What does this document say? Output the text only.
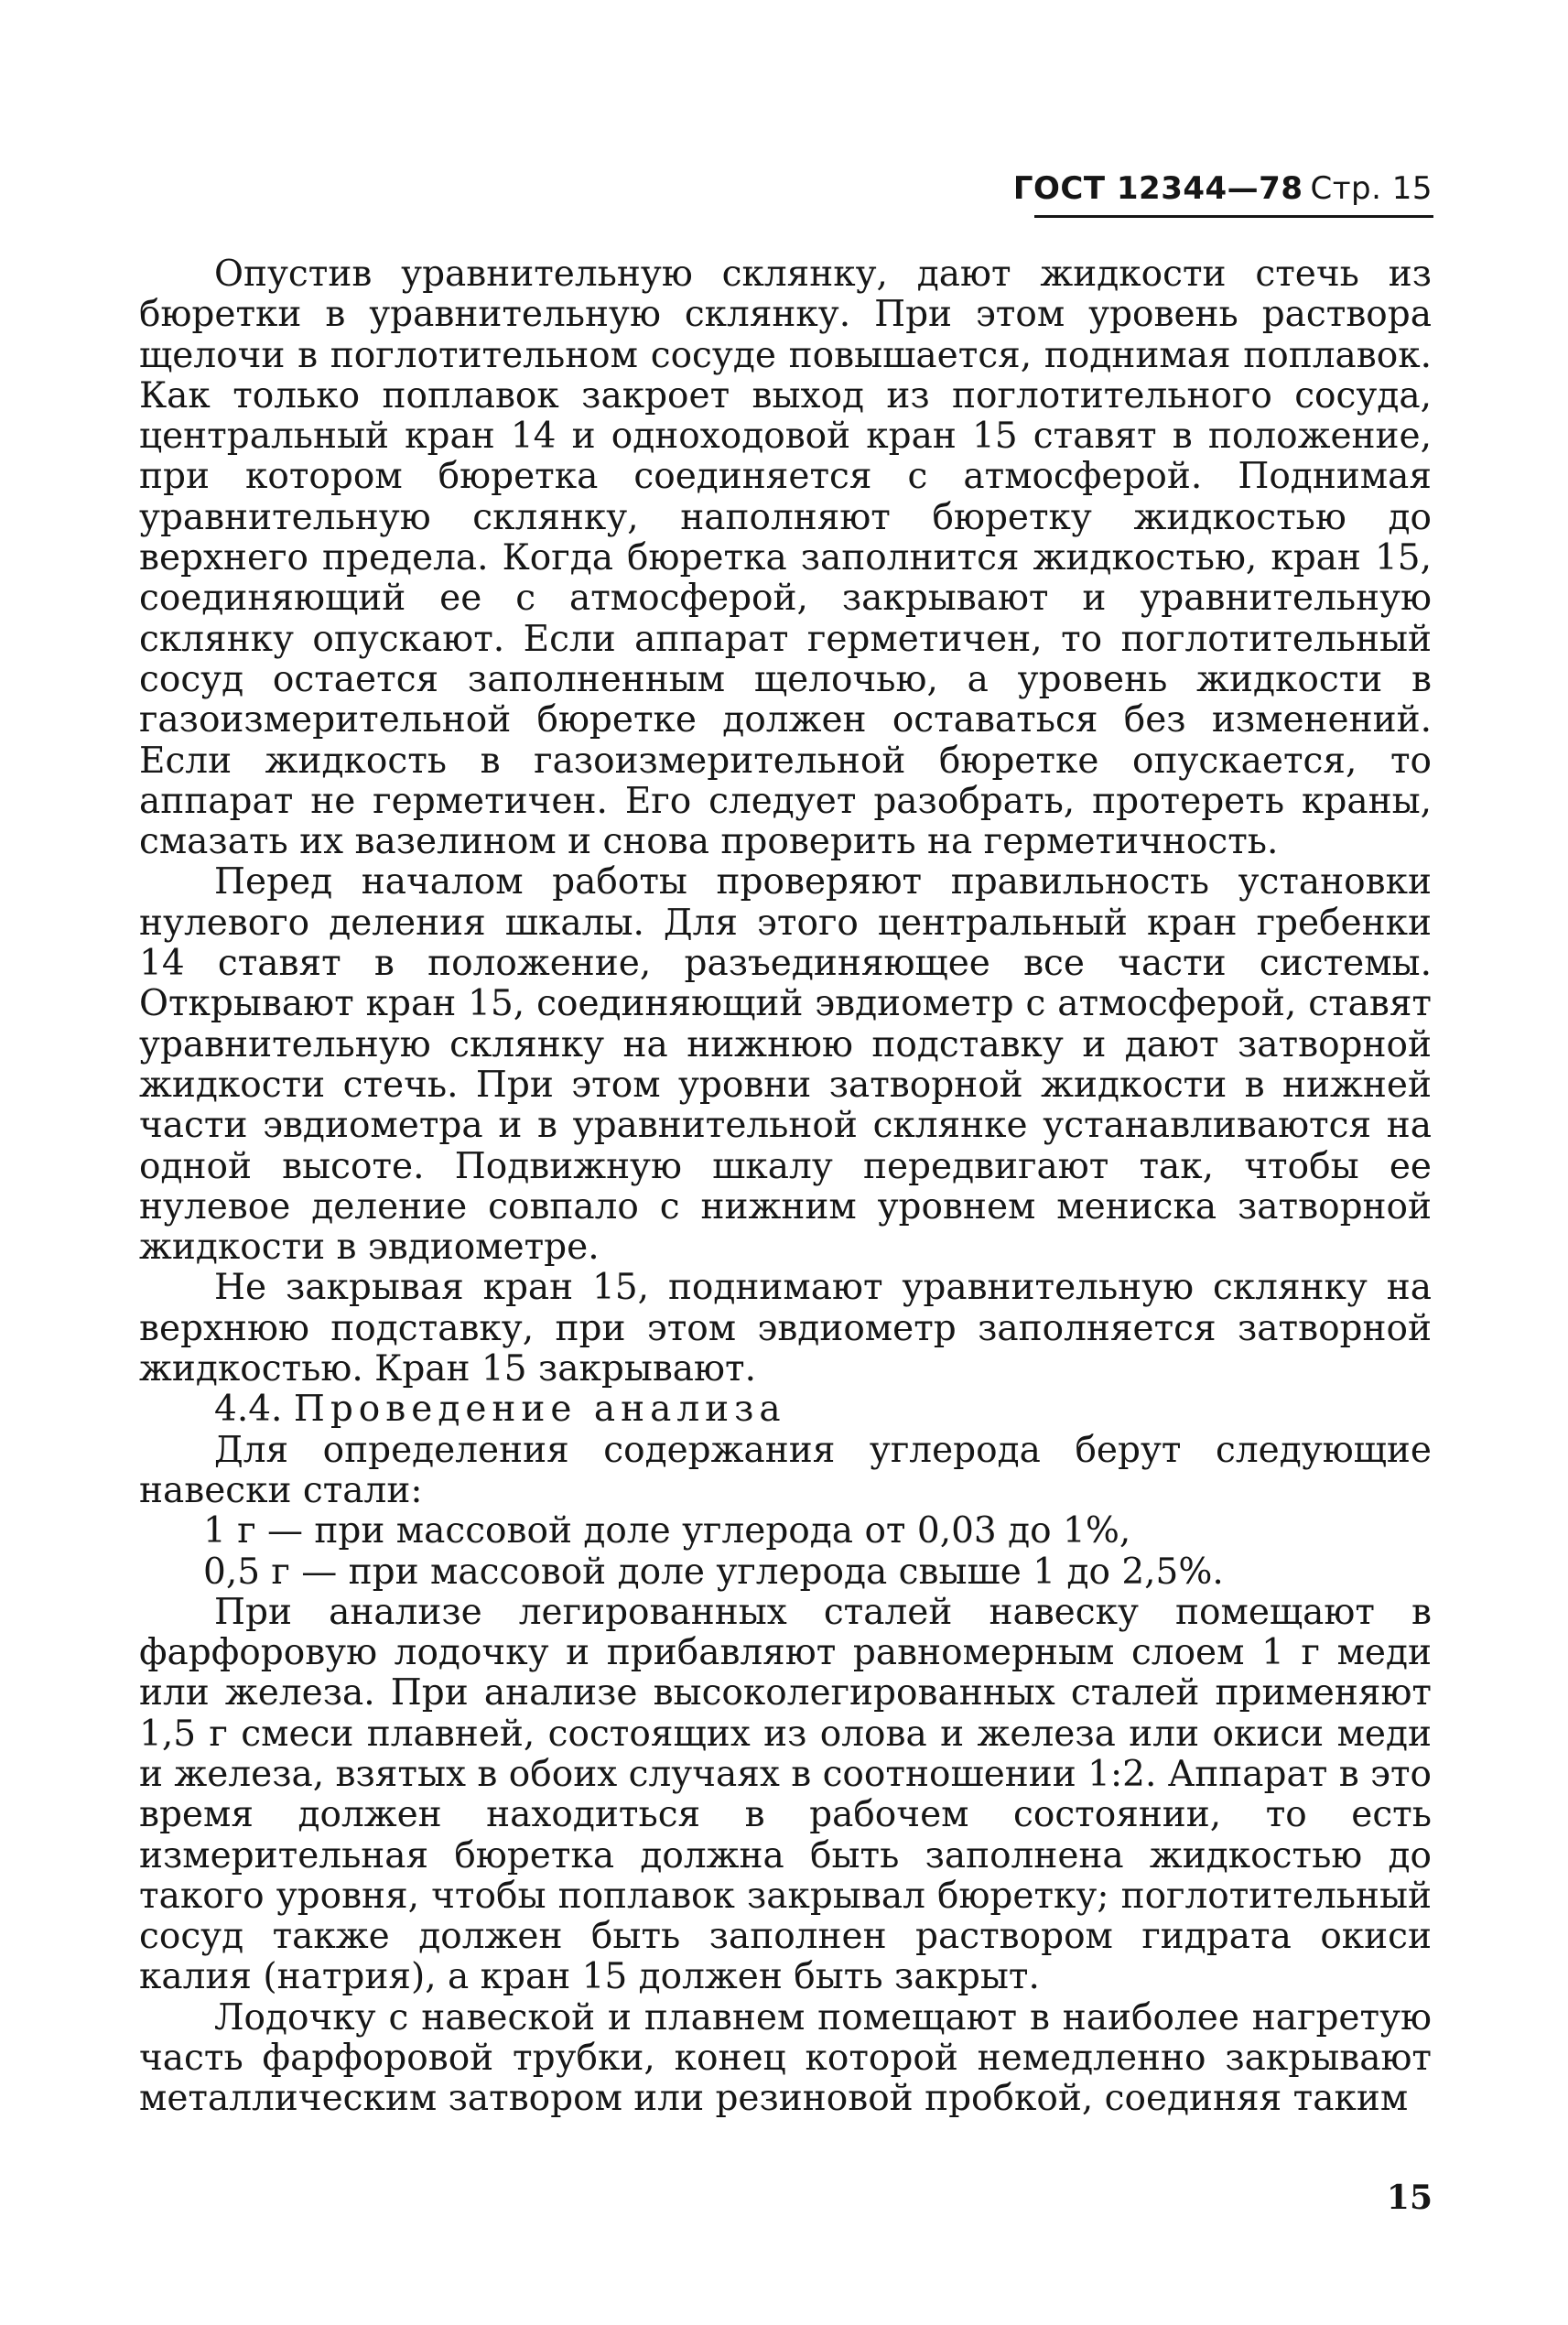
ГОСТ 12344—78 Стр. 15

Опустив уравнительную склянку, дают жидкости стечь из бюретки в уравнительную склянку. При этом уровень раствора щелочи в поглотительном сосуде повышается, поднимая поплавок. Как только поплавок закроет выход из поглотительного сосуда, центральный кран 14 и одноходовой кран 15 ставят в положение, при котором бюретка соединяется с атмосферой. Поднимая уравнительную склянку, наполняют бюретку жидкостью до верхнего предела. Когда бюретка заполнится жидкостью, кран 15, соединяющий ее с атмосферой, закрывают и уравнительную склянку опускают. Если аппарат герметичен, то поглотительный сосуд остается заполненным щелочью, а уровень жидкости в газоизмерительной бюретке должен оставаться без изменений. Если жидкость в газоизмерительной бюретке опускается, то аппарат не герметичен. Его следует разобрать, протереть краны, смазать их вазелином и снова проверить на герметичность.

Перед началом работы проверяют правильность установки нулевого деления шкалы. Для этого центральный кран гребенки 14 ставят в положение, разъединяющее все части системы. Открывают кран 15, соединяющий эвдиометр с атмосферой, ставят уравнительную склянку на нижнюю подставку и дают затворной жидкости стечь. При этом уровни затворной жидкости в нижней части эвдиометра и в уравнительной склянке устанавливаются на одной высоте. Подвижную шкалу передвигают так, чтобы ее нулевое деление совпало с нижним уровнем мениска затворной жидкости в эвдиометре.

Не закрывая кран 15, поднимают уравнительную склянку на верхнюю подставку, при этом эвдиометр заполняется затворной жидкостью. Кран 15 закрывают.

4.4. Проведение анализа

Для определения содержания углерода берут следующие навески стали:

1 г — при массовой доле углерода от 0,03 до 1%,

0,5 г — при массовой доле углерода свыше 1 до 2,5%.

При анализе легированных сталей навеску помещают в фарфоровую лодочку и прибавляют равномерным слоем 1 г меди или железа. При анализе высоколегированных сталей применяют 1,5 г смеси плавней, состоящих из олова и железа или окиси меди и железа, взятых в обоих случаях в соотношении 1:2. Аппарат в это время должен находиться в рабочем состоянии, то есть измерительная бюретка должна быть заполнена жидкостью до такого уровня, чтобы поплавок закрывал бюретку; поглотительный сосуд также должен быть заполнен раствором гидрата окиси калия (натрия), а кран 15 должен быть закрыт.

Лодочку с навеской и плавнем помещают в наиболее нагретую часть фарфоровой трубки, конец которой немедленно закрывают металлическим затвором или резиновой пробкой, соединяя таким

15
